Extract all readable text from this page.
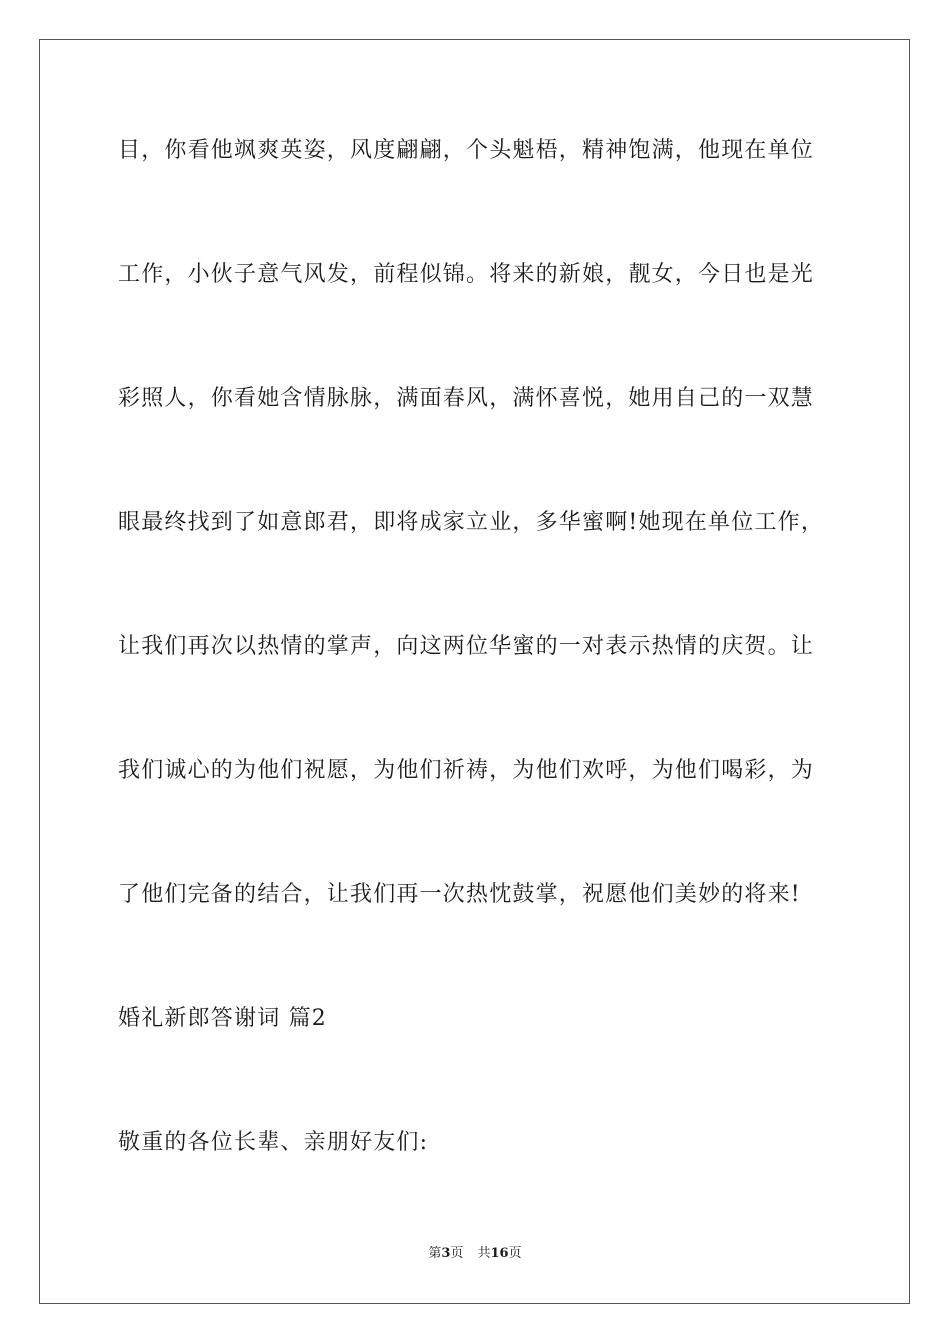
目，你看他飒爽英姿，风度翩翩，个头魁梧，精神饱满，他现在单位
工作，小伙子意气风发，前程似锦。将来的新娘，靓女，今日也是光
彩照人，你看她含情脉脉，满面春风，满怀喜悦，她用自己的一双慧
眼最终找到了如意郎君，即将成家立业，多华蜜啊!她现在单位工作，
让我们再次以热情的掌声，向这两位华蜜的一对表示热情的庆贺。让
我们诚心的为他们祝愿，为他们祈祷，为他们欢呼，为他们喝彩，为
了他们完备的结合，让我们再一次热忱鼓掌，祝愿他们美妙的将来!
婚礼新郎答谢词 篇2
敬重的各位长辈、亲朋好友们:
第3页 共16页
